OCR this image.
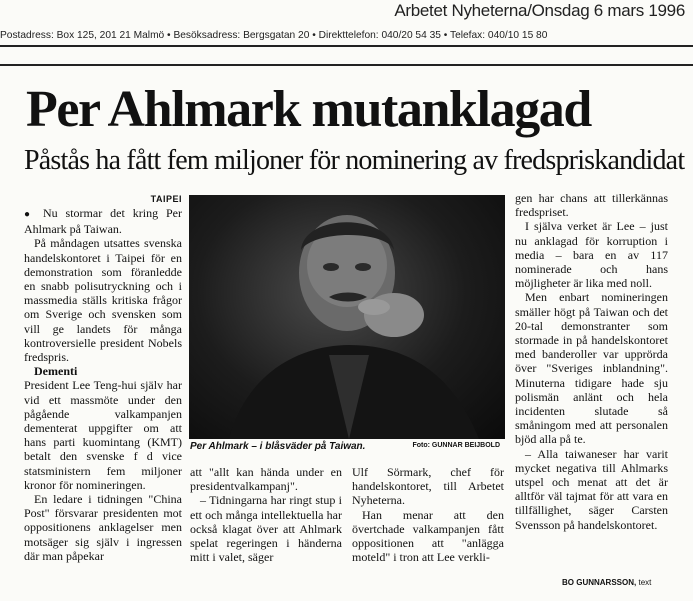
Arbetet Nyheterna/Onsdag 6 mars 1996
Postadress: Box 125, 201 21 Malmö • Besöksadress: Bergsgatan 20 • Direkttelefon: 040/20 54 35 • Telefax: 040/10 15 80
Per Ahlmark mutanklagad
Påstås ha fått fem miljoner för nominering av fredspriskandidat
TAIPEI

● Nu stormar det kring Per Ahlmark på Taiwan.

På måndagen utsattes svenska handelskontoret i Taipei för en demonstration som föranledde en snabb polisutryckning och i massmedia ställs kritiska frågor om Sverige och svensken som vill ge landets för många kontroversielle president Nobels fredspris.

Dementi

President Lee Teng-hui själv har vid ett massmöte under den pågående valkampanjen dementerat uppgifter om att hans parti kuomintang (KMT) betalt den svenske f d vice statsministern fem miljoner kronor för nomineringen.

En ledare i tidningen "China Post" försvarar presidenten mot oppositionens anklagelser men motsäger sig själv i ingressen där man påpekar

Per Ahlmark – i blåsväder på Taiwan.	Foto: GUNNAR BEIJBOLD

att "allt kan hända under en presidentvalkampanj".

– Tidningarna har ringt stup i ett och många intellektuella har också klagat över att Ahlmark spelat regeringen i händerna mitt i valet, säger

Ulf Sörmark, chef för handelskontoret, till Arbetet Nyheterna.

Han menar att den övertchade valkampanjen fått oppositionen att "anlägga moteld" i tron att Lee verkli-

gen har chans att tillerkännas fredspriset.

I själva verket är Lee – just nu anklagad för korruption i media – bara en av 117 nominerade och hans möjligheter är lika med noll.

Men enbart nomineringen smäller högt på Taiwan och det 20-tal demonstranter som stormade in på handelskontoret med banderoller var upprörda över "Sveriges inblandning". Minuterna tidigare hade sju polismän anlänt och hela incidenten slutade så småningom med att personalen bjöd alla på te.

– Alla taiwaneser har varit mycket negativa till Ahlmarks utspel och menat att det är alltför väl tajmat för att vara en tillfällighet, säger Carsten Svensson på handelskontoret.

BO GUNNARSSON, text
